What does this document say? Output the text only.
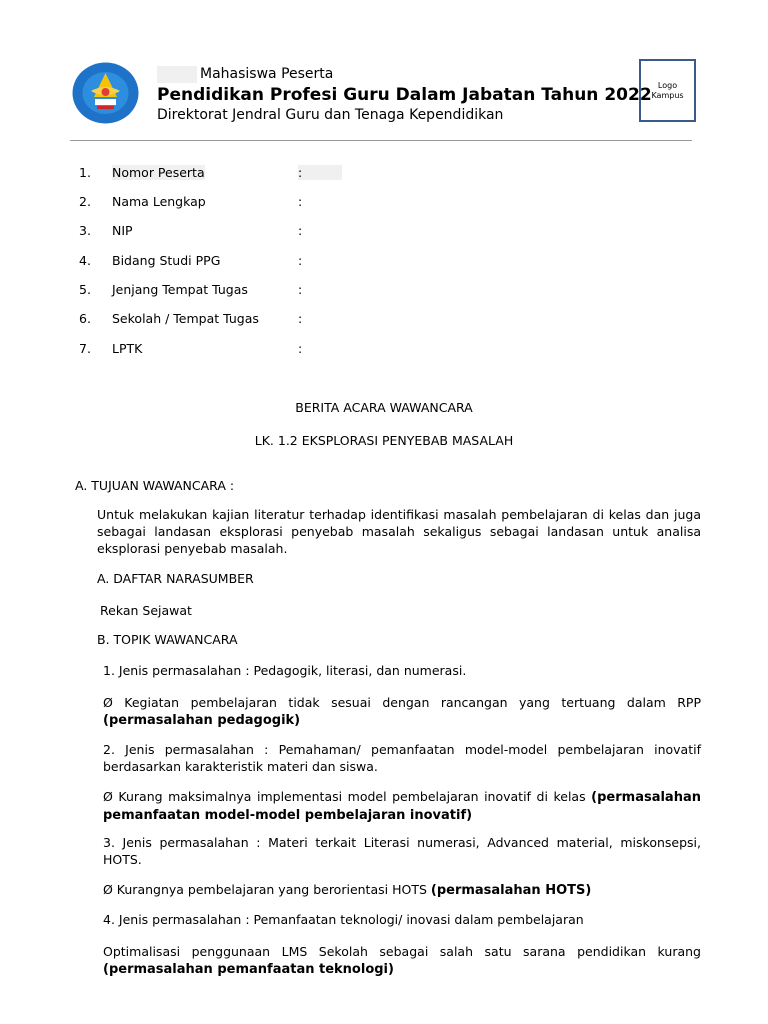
Mahasiswa Peserta
Pendidikan Profesi Guru Dalam Jabatan Tahun 2022
Direktorat Jendral Guru dan Tenaga Kependidikan
Logo
Kampus
1.	Nomor Peserta	:
2.	Nama Lengkap	:
3.	NIP	:
4.	Bidang Studi PPG	:
5.	Jenjang Tempat Tugas	:
6.	Sekolah / Tempat Tugas	:
7.	LPTK	:
BERITA ACARA WAWANCARA
LK. 1.2 EKSPLORASI PENYEBAB MASALAH
A. TUJUAN WAWANCARA :
Untuk melakukan kajian literatur terhadap identifikasi masalah pembelajaran di kelas dan juga sebagai landasan eksplorasi penyebab masalah sekaligus sebagai landasan untuk analisa eksplorasi penyebab masalah.
A. DAFTAR NARASUMBER
Rekan Sejawat
B. TOPIK WAWANCARA
1. Jenis permasalahan : Pedagogik, literasi, dan numerasi.
Ø Kegiatan pembelajaran tidak sesuai dengan rancangan yang tertuang dalam RPP (permasalahan pedagogik)
2. Jenis permasalahan : Pemahaman/ pemanfaatan model-model pembelajaran inovatif berdasarkan karakteristik materi dan siswa.
Ø Kurang maksimalnya implementasi model pembelajaran inovatif di kelas (permasalahan pemanfaatan model-model pembelajaran inovatif)
3. Jenis permasalahan : Materi terkait Literasi numerasi, Advanced material, miskonsepsi, HOTS.
Ø Kurangnya pembelajaran yang berorientasi HOTS (permasalahan HOTS)
4. Jenis permasalahan : Pemanfaatan teknologi/ inovasi dalam pembelajaran
Optimalisasi penggunaan LMS Sekolah sebagai salah satu sarana pendidikan kurang (permasalahan pemanfaatan teknologi)
